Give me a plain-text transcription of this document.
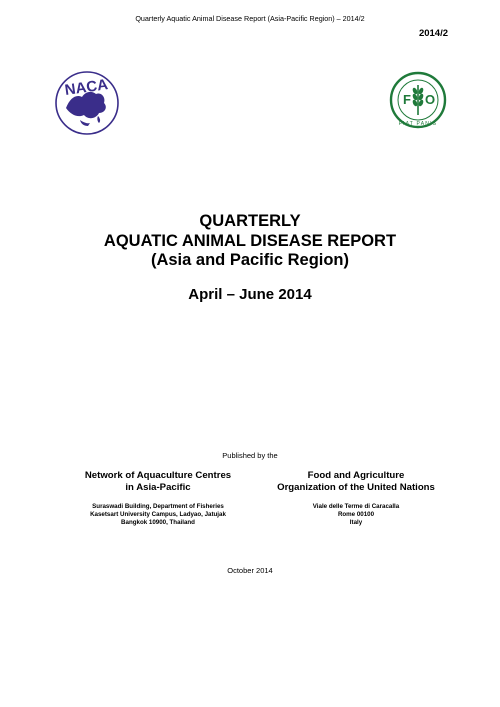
Quarterly Aquatic Animal Disease Report (Asia-Pacific Region) – 2014/2
2014/2
NACA
F O
FIAT PANIS
QUARTERLY
AQUATIC ANIMAL DISEASE REPORT
(Asia and Pacific Region)
April – June 2014
Published by the
Network of Aquaculture Centres
in Asia-Pacific
Suraswadi Building, Department of Fisheries
Kasetsart University Campus, Ladyao, Jatujak
Bangkok 10900, Thailand
Food and Agriculture
Organization of the United Nations
Viale delle Terme di Caracalla
Rome 00100
Italy
October 2014
